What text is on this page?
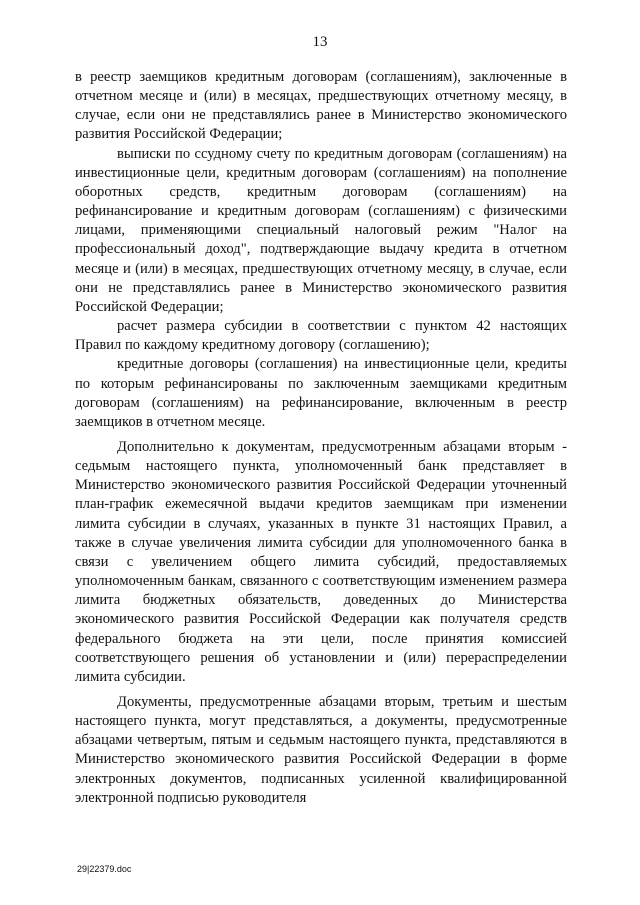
13

в реестр заемщиков кредитным договорам (соглашениям), заключенные в отчетном месяце и (или) в месяцах, предшествующих отчетному месяцу, в случае, если они не представлялись ранее в Министерство экономического развития Российской Федерации;

выписки по ссудному счету по кредитным договорам (соглашениям) на инвестиционные цели, кредитным договорам (соглашениям) на пополнение оборотных средств, кредитным договорам (соглашениям) на рефинансирование и кредитным договорам (соглашениям) с физическими лицами, применяющими специальный налоговый режим "Налог на профессиональный доход", подтверждающие выдачу кредита в отчетном месяце и (или) в месяцах, предшествующих отчетному месяцу, в случае, если они не представлялись ранее в Министерство экономического развития Российской Федерации;

расчет размера субсидии в соответствии с пунктом 42 настоящих Правил по каждому кредитному договору (соглашению);

кредитные договоры (соглашения) на инвестиционные цели, кредиты по которым рефинансированы по заключенным заемщиками кредитным договорам (соглашениям) на рефинансирование, включенным в реестр заемщиков в отчетном месяце.

Дополнительно к документам, предусмотренным абзацами вторым - седьмым настоящего пункта, уполномоченный банк представляет в Министерство экономического развития Российской Федерации уточненный план-график ежемесячной выдачи кредитов заемщикам при изменении лимита субсидии в случаях, указанных в пункте 31 настоящих Правил, а также в случае увеличения лимита субсидии для уполномоченного банка в связи с увеличением общего лимита субсидий, предоставляемых уполномоченным банкам, связанного с соответствующим изменением размера лимита бюджетных обязательств, доведенных до Министерства экономического развития Российской Федерации как получателя средств федерального бюджета на эти цели, после принятия комиссией соответствующего решения об установлении и (или) перераспределении лимита субсидии.

Документы, предусмотренные абзацами вторым, третьим и шестым настоящего пункта, могут представляться, а документы, предусмотренные абзацами четвертым, пятым и седьмым настоящего пункта, представляются в Министерство экономического развития Российской Федерации в форме электронных документов, подписанных усиленной квалифицированной электронной подписью руководителя

29|22379.doc
